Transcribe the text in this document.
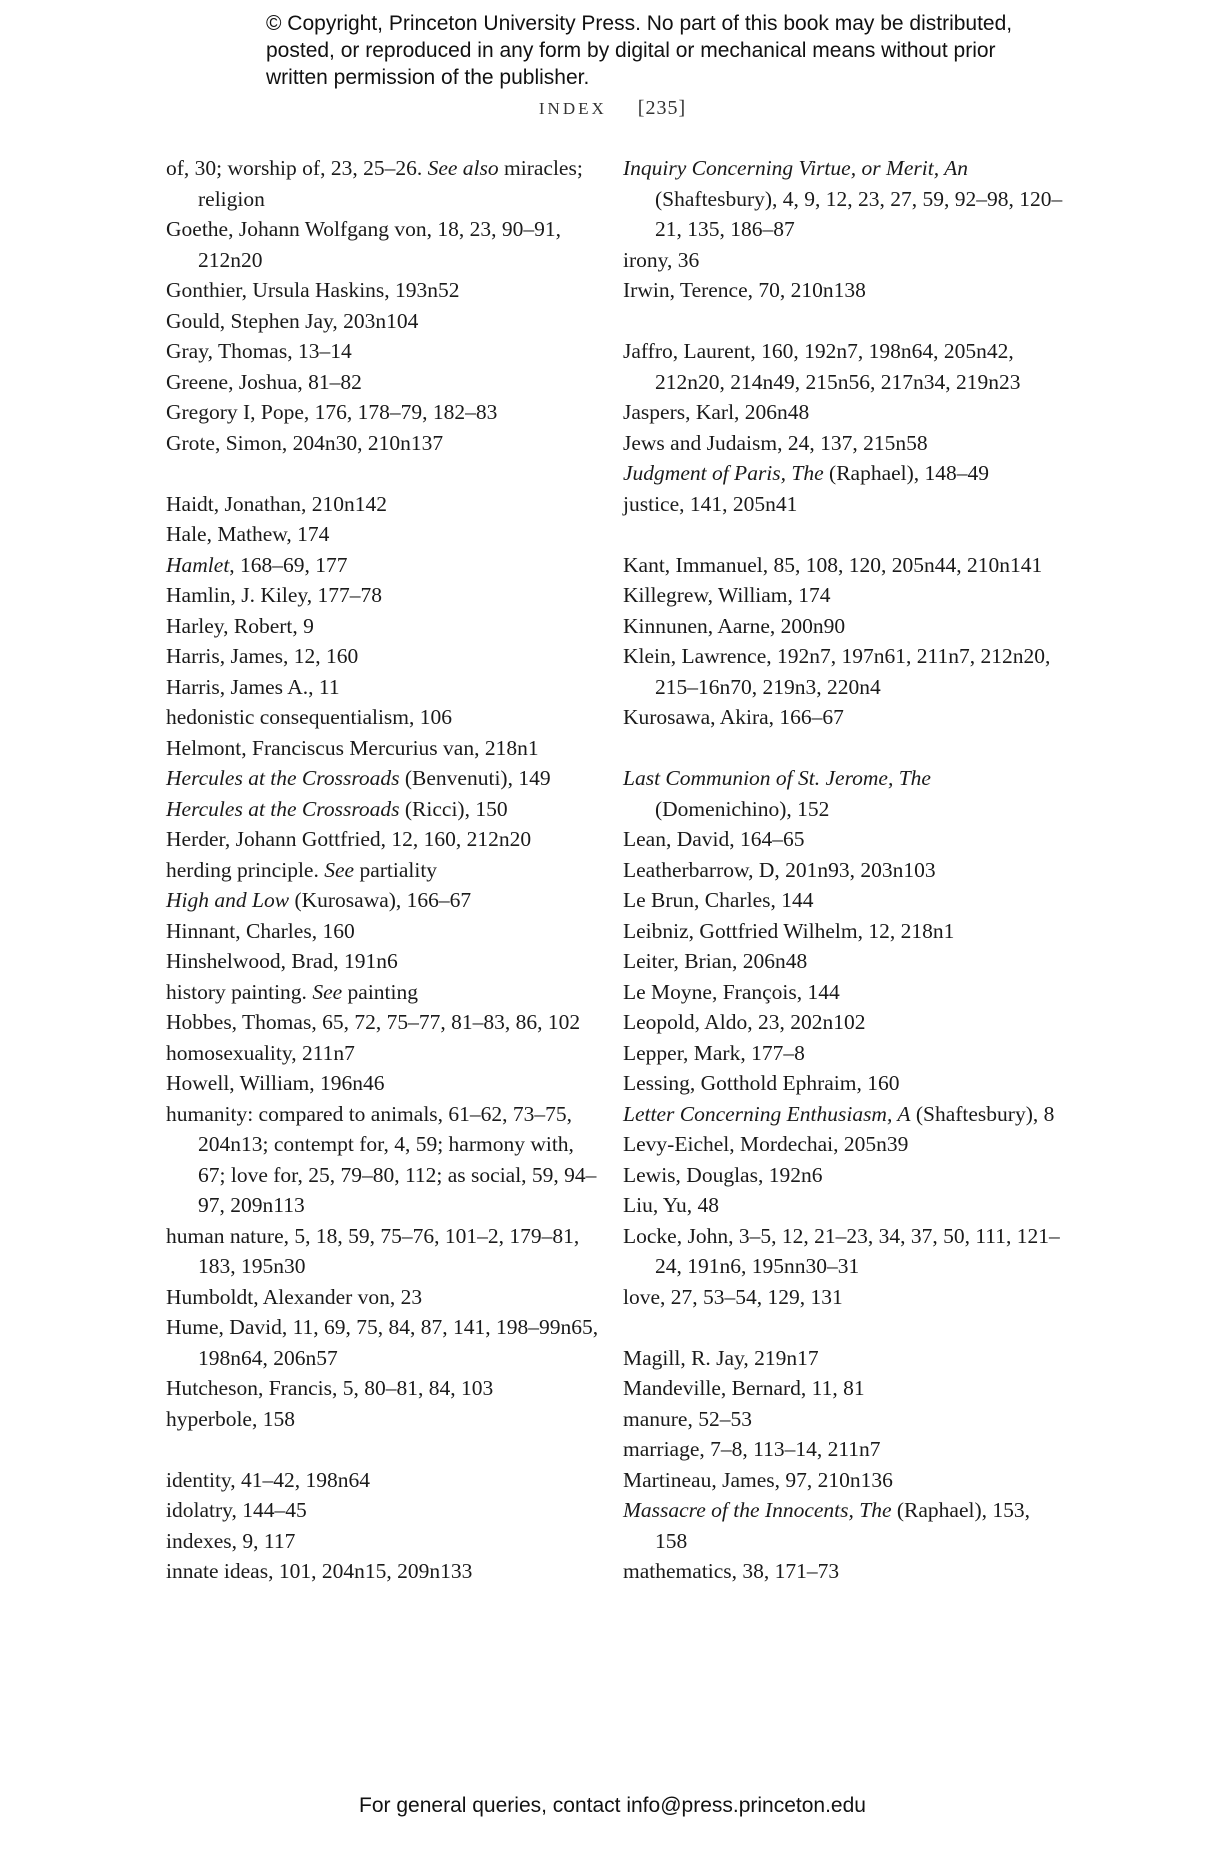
© Copyright, Princeton University Press. No part of this book may be distributed, posted, or reproduced in any form by digital or mechanical means without prior written permission of the publisher.
INDEX [235]
of, 30; worship of, 23, 25–26. See also miracles; religion
Goethe, Johann Wolfgang von, 18, 23, 90–91, 212n20
Gonthier, Ursula Haskins, 193n52
Gould, Stephen Jay, 203n104
Gray, Thomas, 13–14
Greene, Joshua, 81–82
Gregory I, Pope, 176, 178–79, 182–83
Grote, Simon, 204n30, 210n137
Haidt, Jonathan, 210n142
Hale, Mathew, 174
Hamlet, 168–69, 177
Hamlin, J. Kiley, 177–78
Harley, Robert, 9
Harris, James, 12, 160
Harris, James A., 11
hedonistic consequentialism, 106
Helmont, Franciscus Mercurius van, 218n1
Hercules at the Crossroads (Benvenuti), 149
Hercules at the Crossroads (Ricci), 150
Herder, Johann Gottfried, 12, 160, 212n20
herding principle. See partiality
High and Low (Kurosawa), 166–67
Hinnant, Charles, 160
Hinshelwood, Brad, 191n6
history painting. See painting
Hobbes, Thomas, 65, 72, 75–77, 81–83, 86, 102
homosexuality, 211n7
Howell, William, 196n46
humanity: compared to animals, 61–62, 73–75, 204n13; contempt for, 4, 59; harmony with, 67; love for, 25, 79–80, 112; as social, 59, 94–97, 209n113
human nature, 5, 18, 59, 75–76, 101–2, 179–81, 183, 195n30
Humboldt, Alexander von, 23
Hume, David, 11, 69, 75, 84, 87, 141, 198–99n65, 198n64, 206n57
Hutcheson, Francis, 5, 80–81, 84, 103
hyperbole, 158
identity, 41–42, 198n64
idolatry, 144–45
indexes, 9, 117
innate ideas, 101, 204n15, 209n133
Inquiry Concerning Virtue, or Merit, An (Shaftesbury), 4, 9, 12, 23, 27, 59, 92–98, 120–21, 135, 186–87
irony, 36
Irwin, Terence, 70, 210n138
Jaffro, Laurent, 160, 192n7, 198n64, 205n42, 212n20, 214n49, 215n56, 217n34, 219n23
Jaspers, Karl, 206n48
Jews and Judaism, 24, 137, 215n58
Judgment of Paris, The (Raphael), 148–49
justice, 141, 205n41
Kant, Immanuel, 85, 108, 120, 205n44, 210n141
Killegrew, William, 174
Kinnunen, Aarne, 200n90
Klein, Lawrence, 192n7, 197n61, 211n7, 212n20, 215–16n70, 219n3, 220n4
Kurosawa, Akira, 166–67
Last Communion of St. Jerome, The (Domenichino), 152
Lean, David, 164–65
Leatherbarrow, D, 201n93, 203n103
Le Brun, Charles, 144
Leibniz, Gottfried Wilhelm, 12, 218n1
Leiter, Brian, 206n48
Le Moyne, François, 144
Leopold, Aldo, 23, 202n102
Lepper, Mark, 177–8
Lessing, Gotthold Ephraim, 160
Letter Concerning Enthusiasm, A (Shaftesbury), 8
Levy-Eichel, Mordechai, 205n39
Lewis, Douglas, 192n6
Liu, Yu, 48
Locke, John, 3–5, 12, 21–23, 34, 37, 50, 111, 121–24, 191n6, 195nn30–31
love, 27, 53–54, 129, 131
Magill, R. Jay, 219n17
Mandeville, Bernard, 11, 81
manure, 52–53
marriage, 7–8, 113–14, 211n7
Martineau, James, 97, 210n136
Massacre of the Innocents, The (Raphael), 153, 158
mathematics, 38, 171–73
For general queries, contact info@press.princeton.edu
